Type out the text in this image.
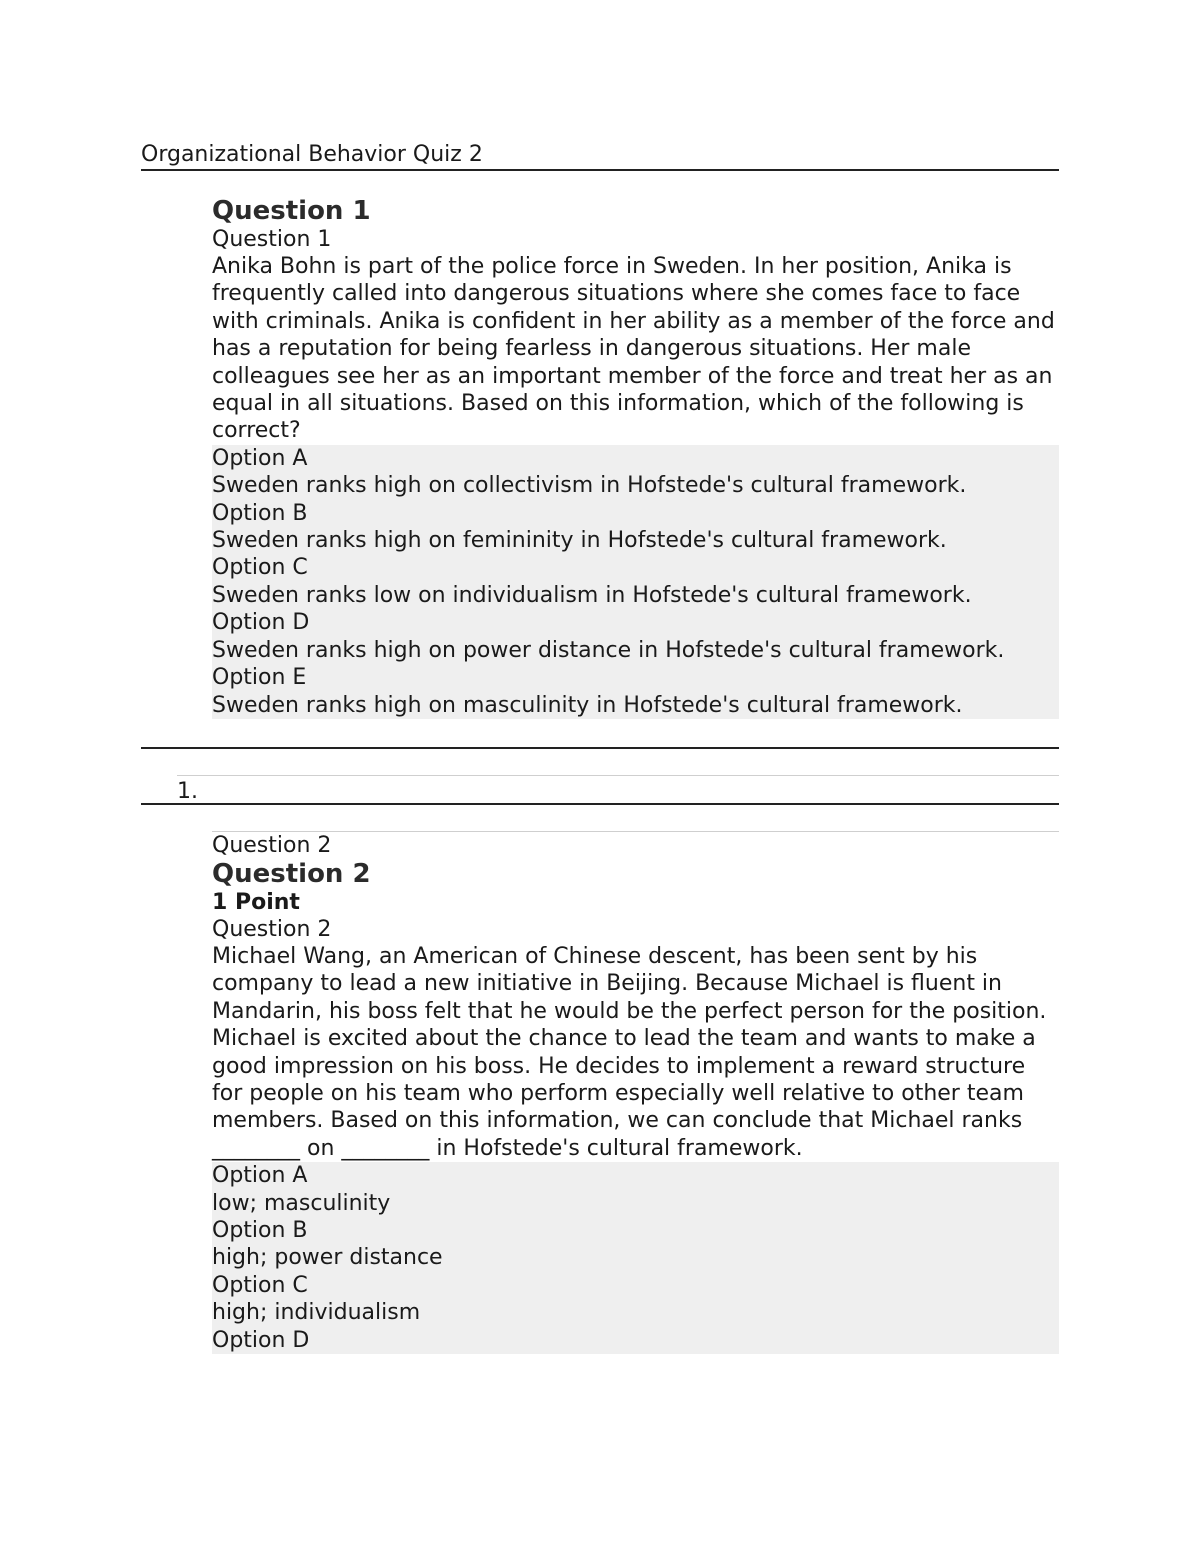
Organizational Behavior Quiz 2
Question 1
Question 1
Anika Bohn is part of the police force in Sweden. In her position, Anika is frequently called into dangerous situations where she comes face to face with criminals. Anika is confident in her ability as a member of the force and has a reputation for being fearless in dangerous situations. Her male colleagues see her as an important member of the force and treat her as an equal in all situations. Based on this information, which of the following is correct?
Option A
Sweden ranks high on collectivism in Hofstede's cultural framework.
Option B
Sweden ranks high on femininity in Hofstede's cultural framework.
Option C
Sweden ranks low on individualism in Hofstede's cultural framework.
Option D
Sweden ranks high on power distance in Hofstede's cultural framework.
Option E
Sweden ranks high on masculinity in Hofstede's cultural framework.
1.
Question 2
Question 2
1 Point
Question 2
Michael Wang, an American of Chinese descent, has been sent by his company to lead a new initiative in Beijing. Because Michael is fluent in Mandarin, his boss felt that he would be the perfect person for the position. Michael is excited about the chance to lead the team and wants to make a good impression on his boss. He decides to implement a reward structure for people on his team who perform especially well relative to other team members. Based on this information, we can conclude that Michael ranks ________ on ________ in Hofstede's cultural framework.
Option A
low; masculinity
Option B
high; power distance
Option C
high; individualism
Option D
